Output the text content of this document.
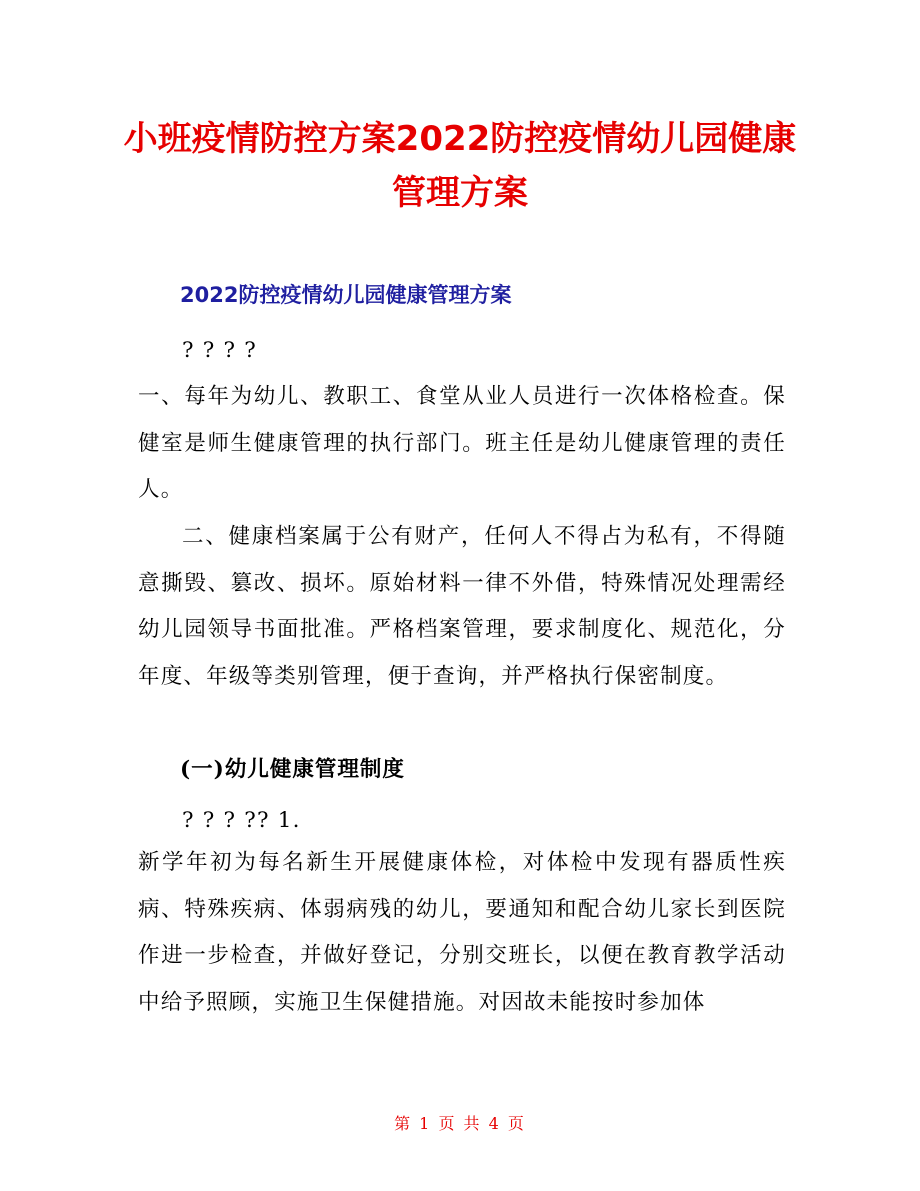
小班疫情防控方案2022防控疫情幼儿园健康管理方案
2022防控疫情幼儿园健康管理方案

? ? ? ?

一、每年为幼儿、教职工、食堂从业人员进行一次体格检查。保健室是师生健康管理的执行部门。班主任是幼儿健康管理的责任人。

二、健康档案属于公有财产，任何人不得占为私有，不得随意撕毁、篡改、损坏。原始材料一律不外借，特殊情况处理需经幼儿园领导书面批准。严格档案管理，要求制度化、规范化，分年度、年级等类别管理，便于查询，并严格执行保密制度。

(一)幼儿健康管理制度

? ? ? ?? 1.

新学年初为每名新生开展健康体检，对体检中发现有器质性疾病、特殊疾病、体弱病残的幼儿，要通知和配合幼儿家长到医院作进一步检查，并做好登记，分别交班长，以便在教育教学活动中给予照顾，实施卫生保健措施。对因故未能按时参加体

第 1 页 共 4 页
